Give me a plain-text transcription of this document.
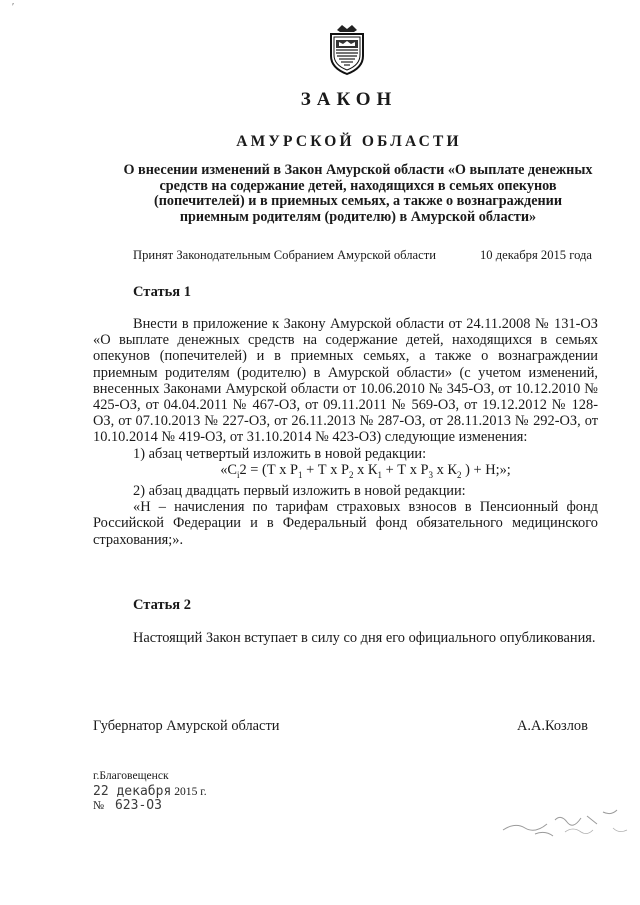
ʹ
ЗАКОН
АМУРСКОЙ ОБЛАСТИ
О внесении изменений в Закон Амурской области «О выплате денежных
средств на содержание детей, находящихся в семьях опекунов
(попечителей) и в приемных семьях, а также о вознаграждении
приемным родителям (родителю) в Амурской области»
Принят Законодательным Собранием Амурской области	10 декабря 2015 года
Статья 1

Внести в приложение к Закону Амурской области от 24.11.2008 № 131-ОЗ «О выплате денежных средств на содержание детей, находящихся в семьях опекунов (попечителей) и в приемных семьях, а также о вознаграждении приемным родителям (родителю) в Амурской области» (с учетом изменений, внесенных Законами Амурской области от 10.06.2010 № 345-ОЗ, от 10.12.2010 № 425-ОЗ, от 04.04.2011 № 467-ОЗ, от 09.11.2011 № 569-ОЗ, от 19.12.2012 № 128-ОЗ, от 07.10.2013 № 227-ОЗ, от 26.11.2013 № 287-ОЗ, от 28.11.2013 № 292-ОЗ, от 10.10.2014 № 419-ОЗ, от 31.10.2014 № 423-ОЗ) следующие изменения:

1) абзац четвертый изложить в новой редакции:

«$С_i2 = (Т$ х $Р_1 + Т$ х $Р_2$ х $К_1 + Т$ х $Р_3$ х $К_2$ ) + Н;»;

2) абзац двадцать первый изложить в новой редакции:

«Н – начисления по тарифам страховых взносов в Пенсионный фонд Российской Федерации и в Федеральный фонд обязательного медицинского страхования;».

Статья 2

Настоящий Закон вступает в силу со дня его официального опубликования.

Губернатор Амурской области	А.А.Козлов
г.Благовещенск
22 декабря 2015 г.
№ 623-ОЗ
